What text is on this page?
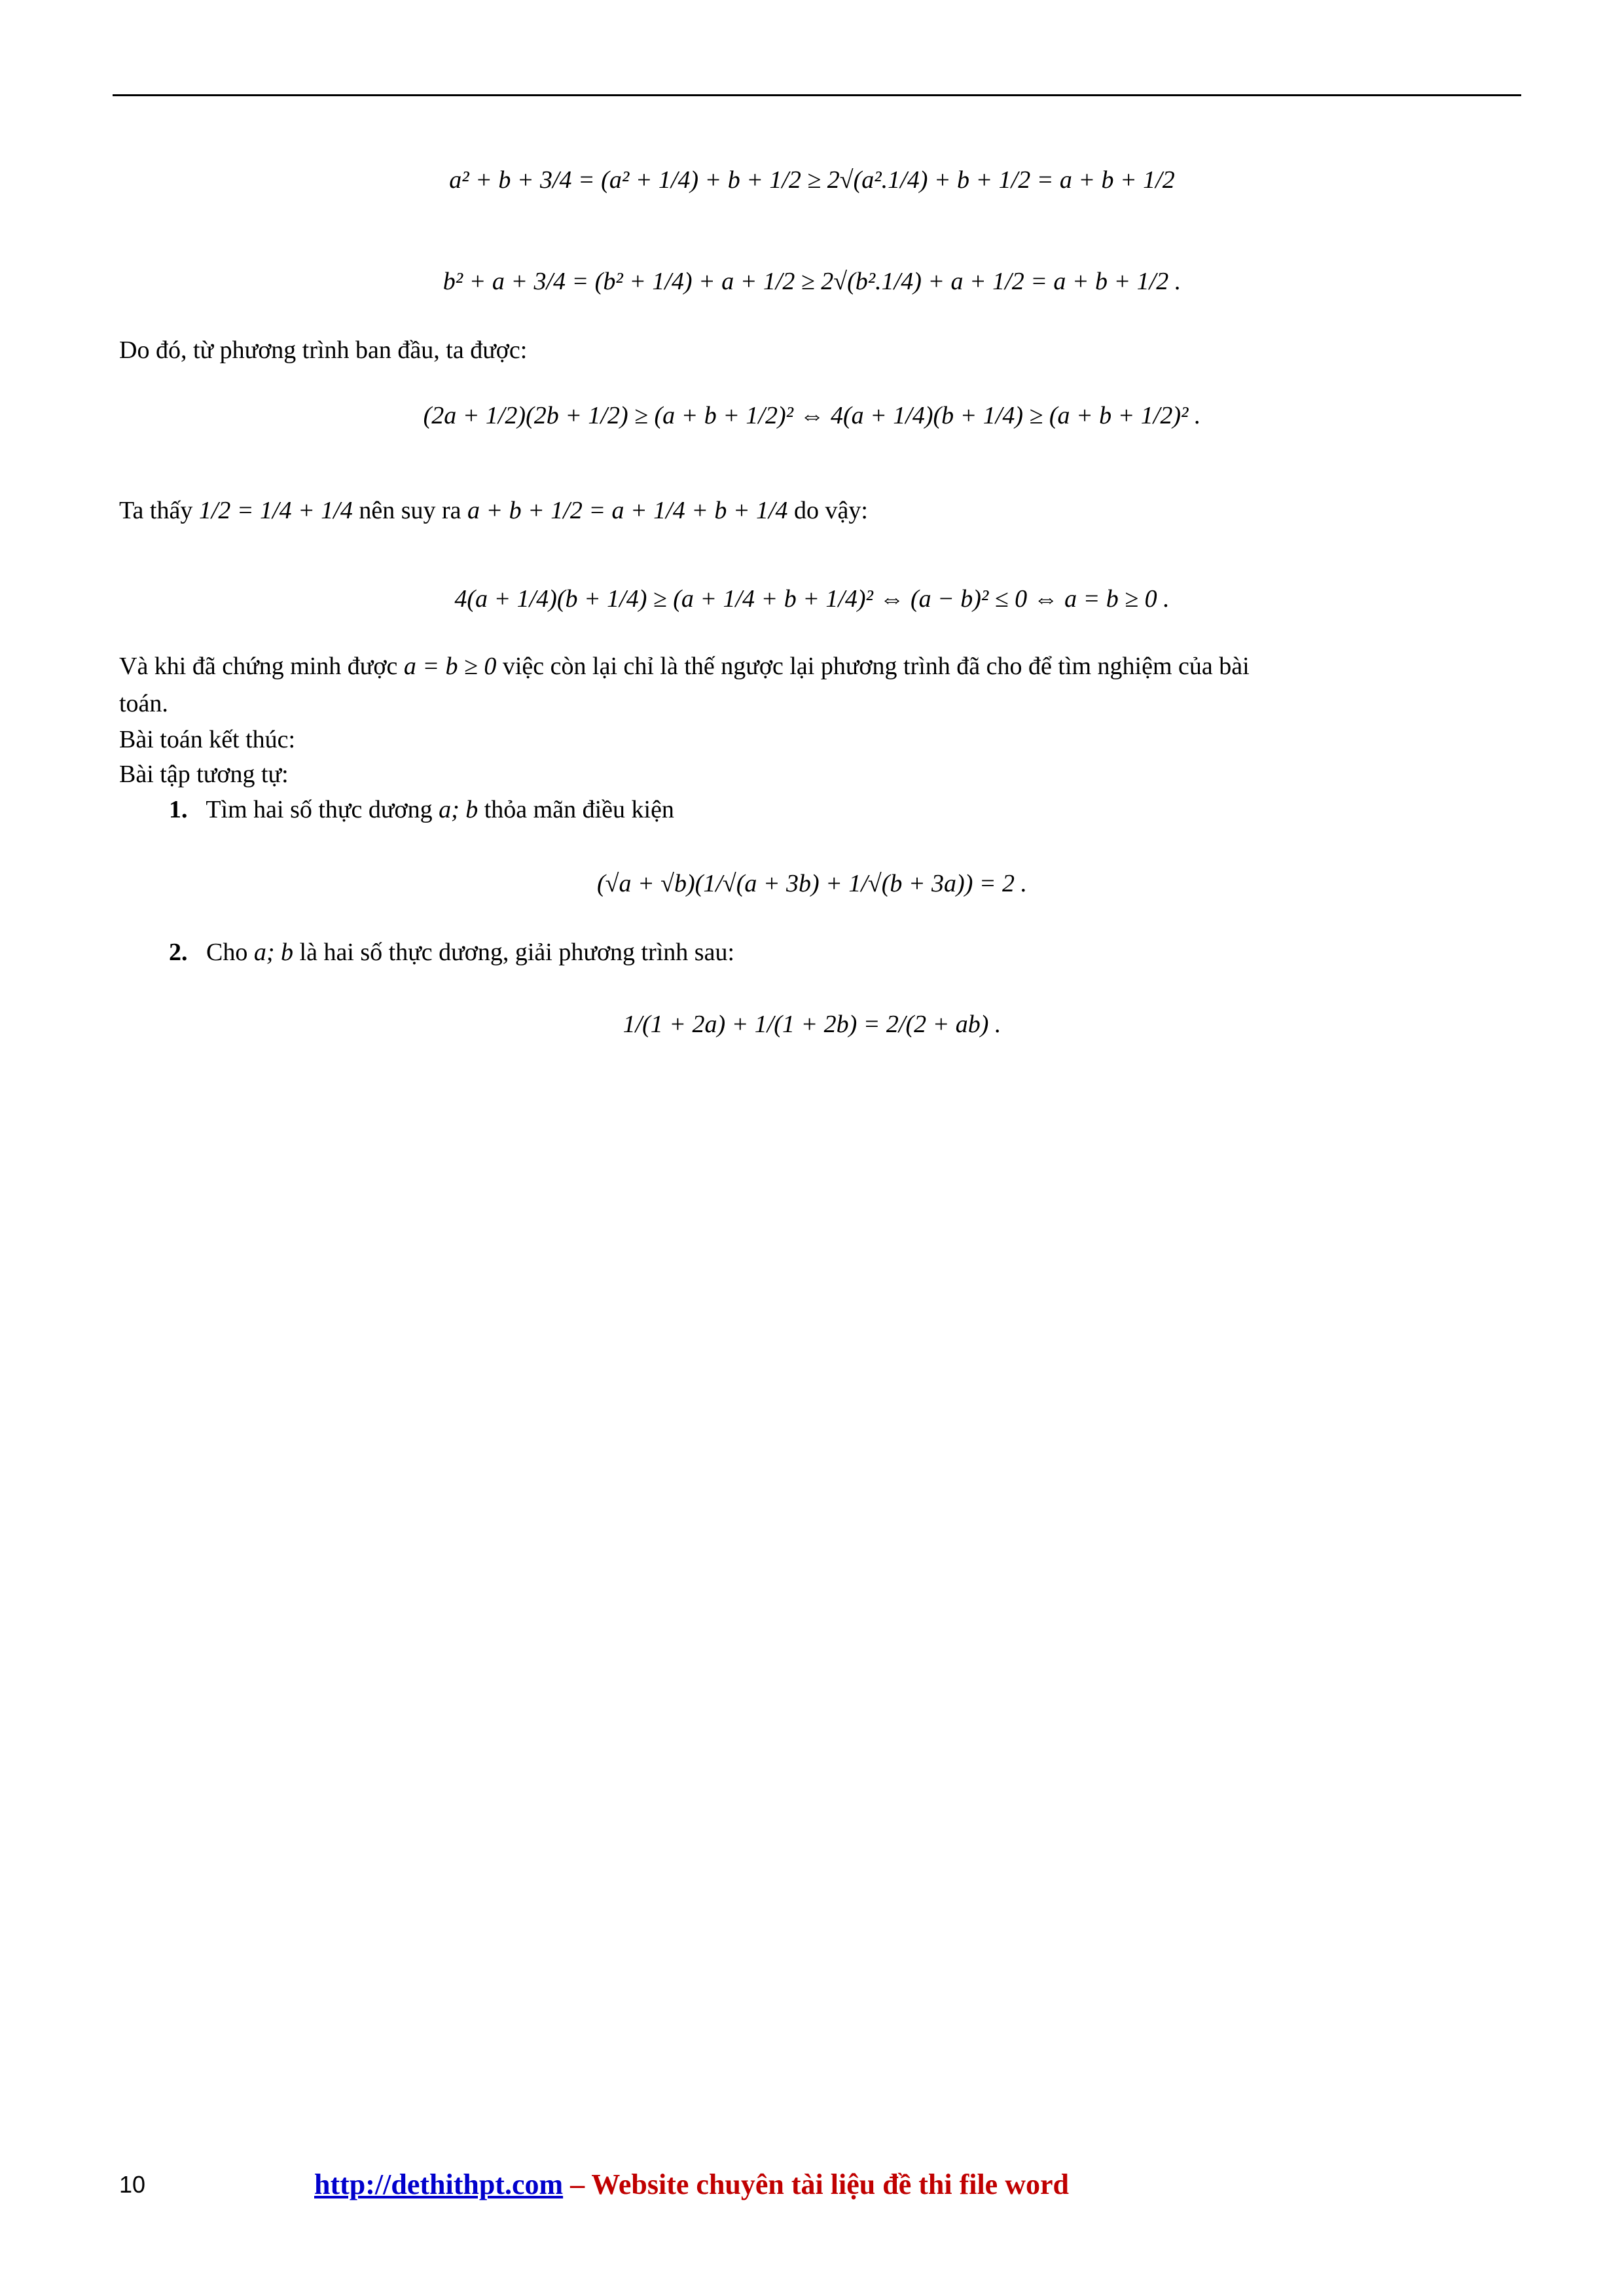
a² + b + 3/4 = (a² + 1/4) + b + 1/2 ≥ 2√(a².1/4) + b + 1/2 = a + b + 1/2
b² + a + 3/4 = (b² + 1/4) + a + 1/2 ≥ 2√(b².1/4) + a + 1/2 = a + b + 1/2 .
Do đó, từ phương trình ban đầu, ta được:
(2a + 1/2)(2b + 1/2) ≥ (a + b + 1/2)² ⇔ 4(a + 1/4)(b + 1/4) ≥ (a + b + 1/2)² .
Ta thấy 1/2 = 1/4 + 1/4 nên suy ra a + b + 1/2 = a + 1/4 + b + 1/4 do vậy:
4(a + 1/4)(b + 1/4) ≥ (a + 1/4 + b + 1/4)² ⇔ (a − b)² ≤ 0 ⇔ a = b ≥ 0 .
Và khi đã chứng minh được a = b ≥ 0 việc còn lại chỉ là thế ngược lại phương trình đã cho để tìm nghiệm của bài
toán.
Bài toán kết thúc:
Bài tập tương tự:
1. Tìm hai số thực dương a; b thỏa mãn điều kiện
(√a + √b)(1/√(a + 3b) + 1/√(b + 3a)) = 2 .
2. Cho a; b là hai số thực dương, giải phương trình sau:
1/(1 + 2a) + 1/(1 + 2b) = 2/(2 + ab) .
10	http://dethithpt.com – Website chuyên tài liệu đề thi file word
